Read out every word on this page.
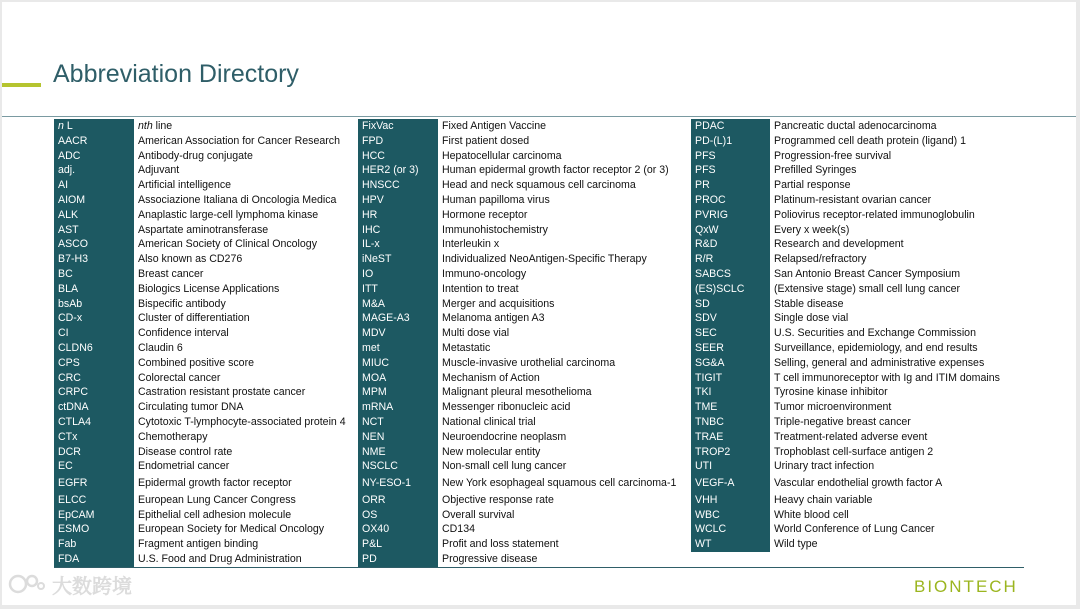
Abbreviation Directory
n L	nth line
AACR	American Association for Cancer Research
ADC	Antibody-drug conjugate
adj.	Adjuvant
AI	Artificial intelligence
AIOM	Associazione Italiana di Oncologia Medica
ALK	Anaplastic large-cell lymphoma kinase
AST	Aspartate aminotransferase
ASCO	American Society of Clinical Oncology
B7-H3	Also known as CD276
BC	Breast cancer
BLA	Biologics License Applications
bsAb	Bispecific antibody
CD-x	Cluster of differentiation
CI	Confidence interval
CLDN6	Claudin 6
CPS	Combined positive score
CRC	Colorectal cancer
CRPC	Castration resistant prostate cancer
ctDNA	Circulating tumor DNA
CTLA4	Cytotoxic T-lymphocyte-associated protein 4
CTx	Chemotherapy
DCR	Disease control rate
EC	Endometrial cancer
EGFR	Epidermal growth factor receptor
ELCC	European Lung Cancer Congress
EpCAM	Epithelial cell adhesion molecule
ESMO	European Society for Medical Oncology
Fab	Fragment antigen binding
FDA	U.S. Food and Drug Administration
FixVac	Fixed Antigen Vaccine
FPD	First patient dosed
HCC	Hepatocellular carcinoma
HER2 (or 3)	Human epidermal growth factor receptor 2 (or 3)
HNSCC	Head and neck squamous cell carcinoma
HPV	Human papilloma virus
HR	Hormone receptor
IHC	Immunohistochemistry
IL-x	Interleukin x
iNeST	Individualized NeoAntigen-Specific Therapy
IO	Immuno-oncology
ITT	Intention to treat
M&A	Merger and acquisitions
MAGE-A3	Melanoma antigen A3
MDV	Multi dose vial
met	Metastatic
MIUC	Muscle-invasive urothelial carcinoma
MOA	Mechanism of Action
MPM	Malignant pleural mesothelioma
mRNA	Messenger ribonucleic acid
NCT	National clinical trial
NEN	Neuroendocrine neoplasm
NME	New molecular entity
NSCLC	Non-small cell lung cancer
NY-ESO-1	New York esophageal squamous cell carcinoma-1
ORR	Objective response rate
OS	Overall survival
OX40	CD134
P&L	Profit and loss statement
PD	Progressive disease
PDAC	Pancreatic ductal adenocarcinoma
PD-(L)1	Programmed cell death protein (ligand) 1
PFS	Progression-free survival
PFS	Prefilled Syringes
PR	Partial response
PROC	Platinum-resistant ovarian cancer
PVRIG	Poliovirus receptor-related immunoglobulin
QxW	Every x week(s)
R&D	Research and development
R/R	Relapsed/refractory
SABCS	San Antonio Breast Cancer Symposium
(ES)SCLC	(Extensive stage) small cell lung cancer
SD	Stable disease
SDV	Single dose vial
SEC	U.S. Securities and Exchange Commission
SEER	Surveillance, epidemiology, and end results
SG&A	Selling, general and administrative expenses
TIGIT	T cell immunoreceptor with Ig and ITIM domains
TKI	Tyrosine kinase inhibitor
TME	Tumor microenvironment
TNBC	Triple-negative breast cancer
TRAE	Treatment-related adverse event
TROP2	Trophoblast cell-surface antigen 2
UTI	Urinary tract infection
VEGF-A	Vascular endothelial growth factor A
VHH	Heavy chain variable
WBC	White blood cell
WCLC	World Conference of Lung Cancer
WT	Wild type
大数跨境	BIONTECH
